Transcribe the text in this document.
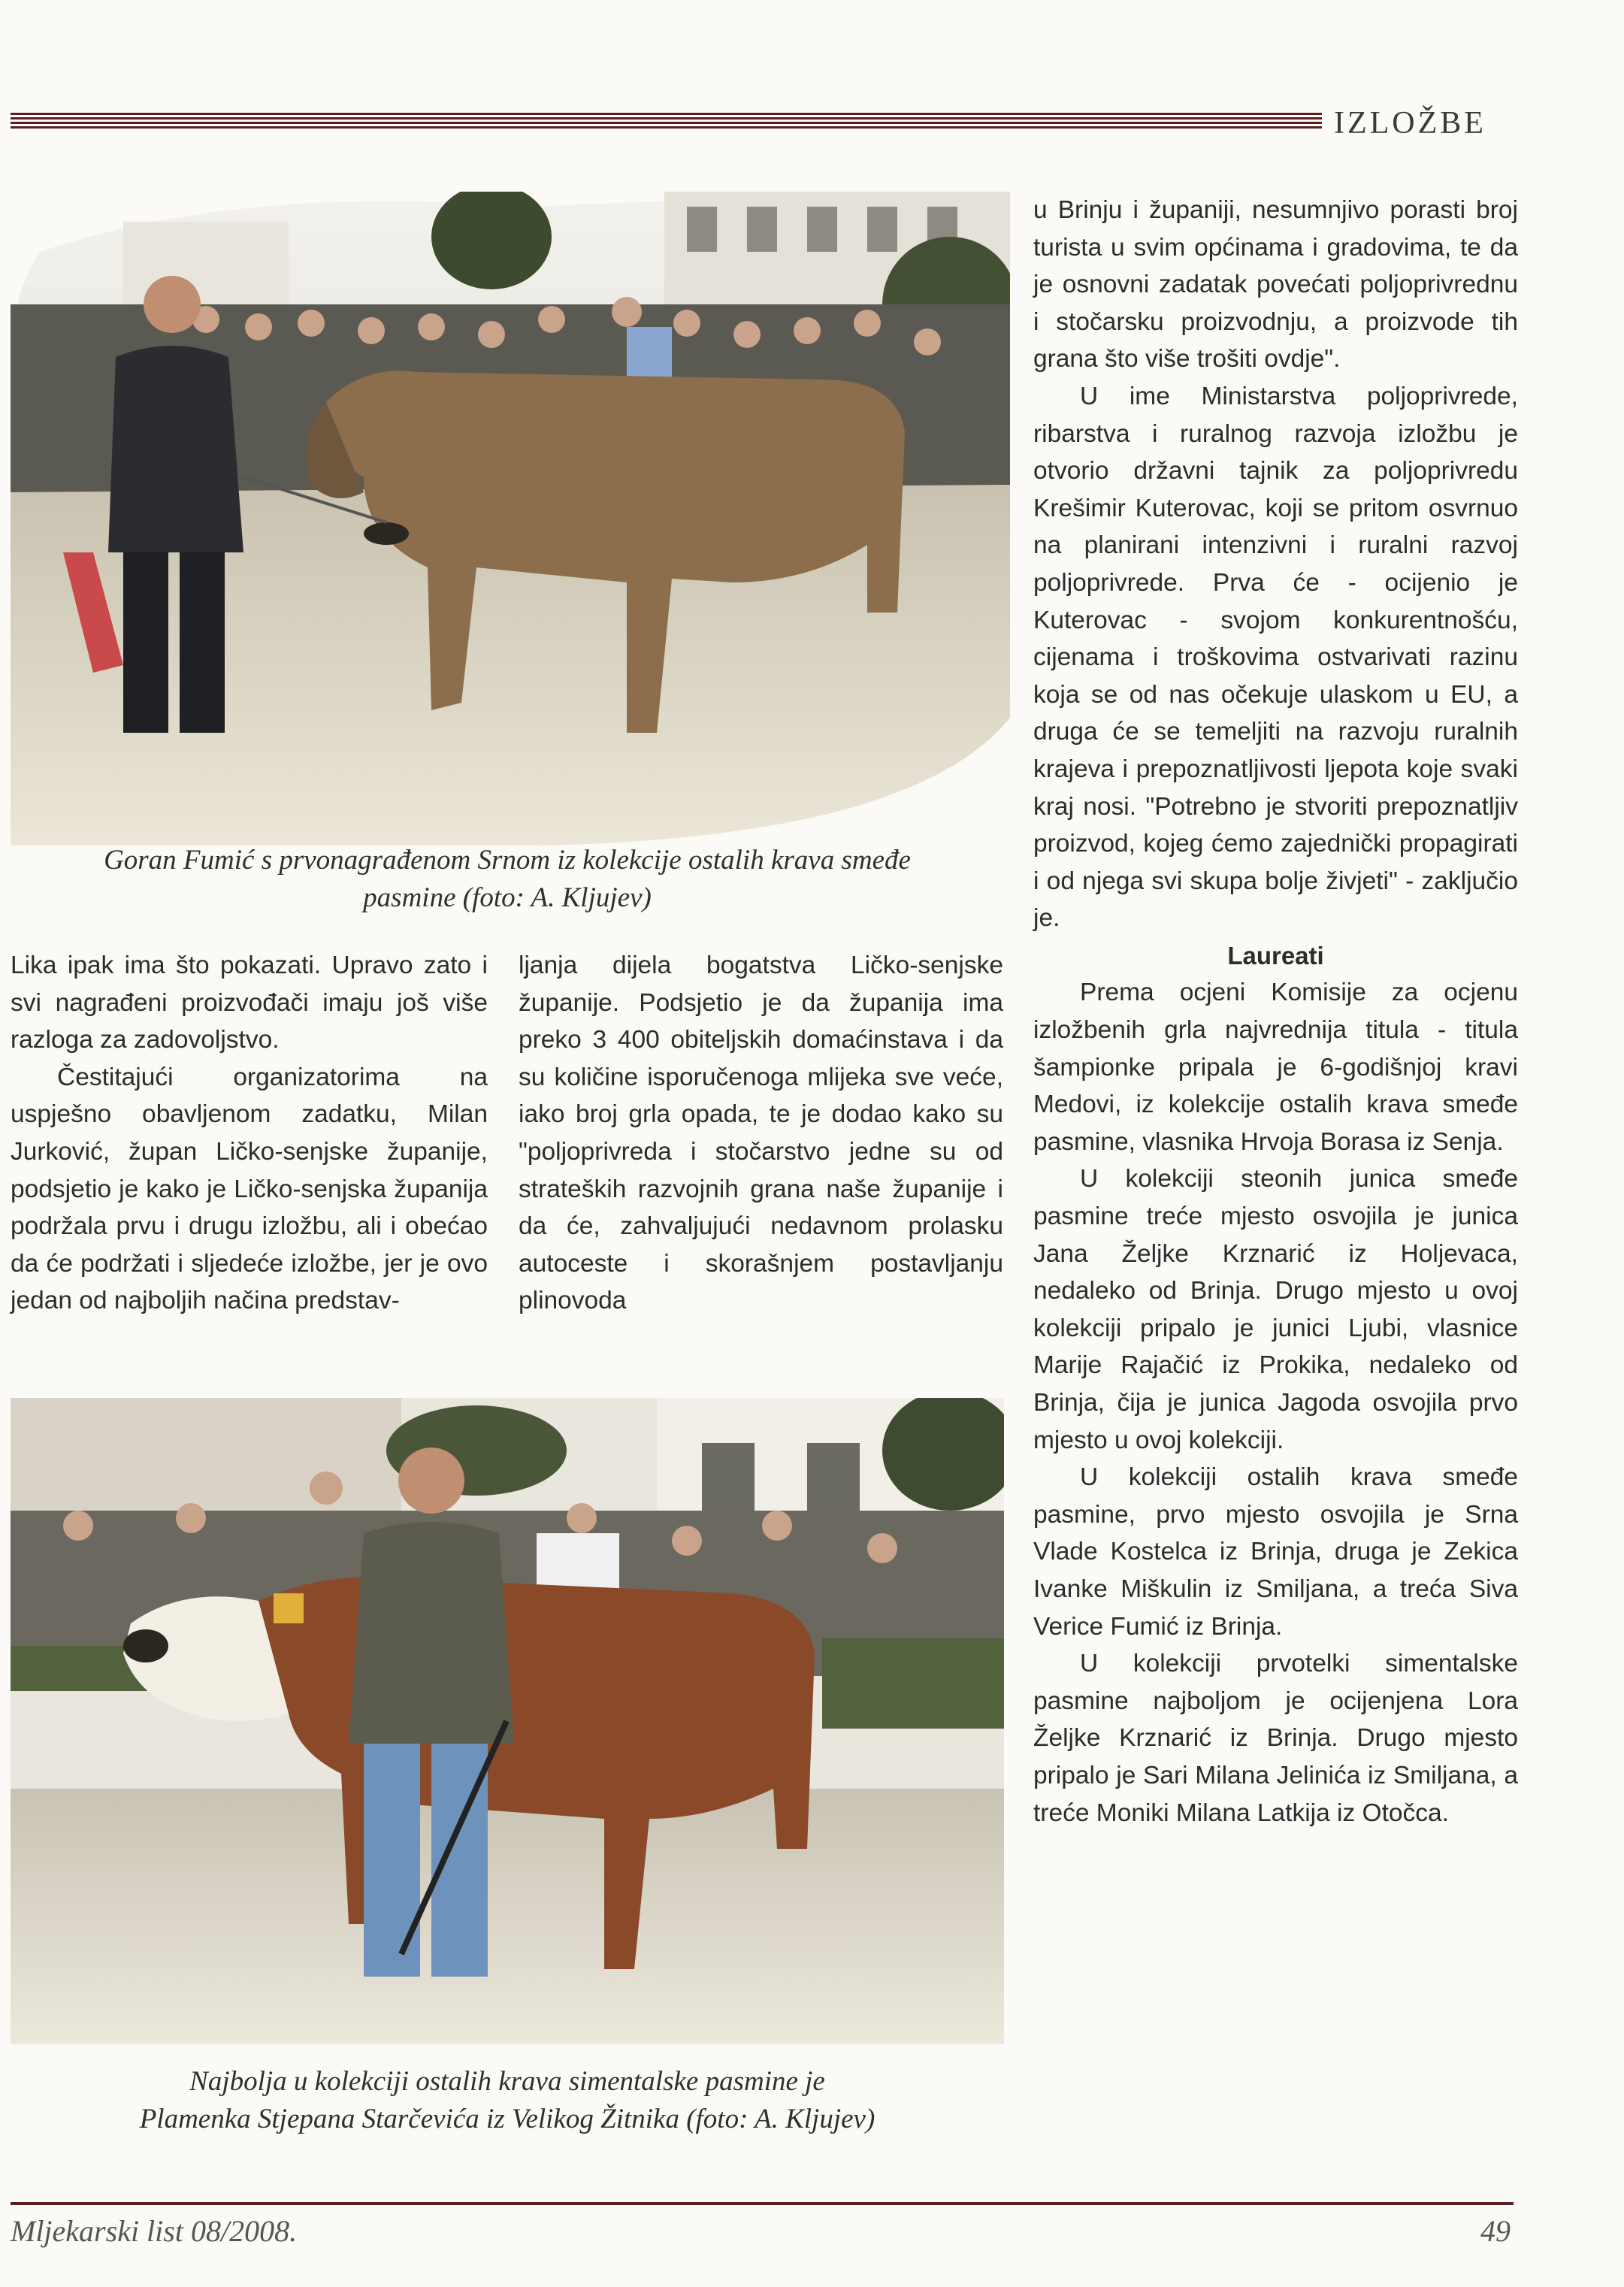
IZLOŽBE
Goran Fumić s prvonagrađenom Srnom iz kolekcije ostalih krava smeđe
pasmine (foto: A. Kljujev)

Lika ipak ima što pokazati. Upravo zato i svi nagrađeni proizvođači imaju još više razloga za zadovoljstvo.

Čestitajući organizatorima na uspješno obavljenom zadatku, Milan Jurković, župan Ličko-senjske županije, podsjetio je kako je Ličko-senjska županija podržala prvu i drugu izložbu, ali i obećao da će podržati i sljedeće izložbe, jer je ovo jedan od najboljih načina predstav-

ljanja dijela bogatstva Ličko-senjske županije. Podsjetio je da županija ima preko 3 400 obiteljskih domaćinstava i da su količine isporučenoga mlijeka sve veće, iako broj grla opada, te je dodao kako su "poljoprivreda i stočarstvo jedne su od strateških razvojnih grana naše županije i da će, zahvaljujući nedavnom prolasku autoceste i skorašnjem postavljanju plinovoda

u Brinju i županiji, nesumnjivo porasti broj turista u svim općinama i gradovima, te da je osnovni zadatak povećati poljoprivrednu i stočarsku proizvodnju, a proizvode tih grana što više trošiti ovdje".

U ime Ministarstva poljoprivrede, ribarstva i ruralnog razvoja izložbu je otvorio državni tajnik za poljoprivredu Krešimir Kuterovac, koji se pritom osvrnuo na planirani intenzivni i ruralni razvoj poljoprivrede. Prva će - ocijenio je Kuterovac - svojom konkurentnošću, cijenama i troškovima ostvarivati razinu koja se od nas očekuje ulaskom u EU, a druga će se temeljiti na razvoju ruralnih krajeva i prepoznatljivosti ljepota koje svaki kraj nosi. "Potrebno je stvoriti prepoznatljiv proizvod, kojeg ćemo zajednički propagirati i od njega svi skupa bolje živjeti" - zaključio je.

Laureati

Prema ocjeni Komisije za ocjenu izložbenih grla najvrednija titula - titula šampionke pripala je 6-godišnjoj kravi Medovi, iz kolekcije ostalih krava smeđe pasmine, vlasnika Hrvoja Borasa iz Senja.

U kolekciji steonih junica smeđe pasmine treće mjesto osvojila je junica Jana Željke Krznarić iz Holjevaca, nedaleko od Brinja. Drugo mjesto u ovoj kolekciji pripalo je junici Ljubi, vlasnice Marije Rajačić iz Prokika, nedaleko od Brinja, čija je junica Jagoda osvojila prvo mjesto u ovoj kolekciji.

U kolekciji ostalih krava smeđe pasmine, prvo mjesto osvojila je Srna Vlade Kostelca iz Brinja, druga je Zekica Ivanke Miškulin iz Smiljana, a treća Siva Verice Fumić iz Brinja.

U kolekciji prvotelki simentalske pasmine najboljom je ocijenjena Lora Željke Krznarić iz Brinja. Drugo mjesto pripalo je Sari Milana Jelinića iz Smiljana, a treće Moniki Milana Latkija iz Otočca.

Najbolja u kolekciji ostalih krava simentalske pasmine je
Plamenka Stjepana Starčevića iz Velikog Žitnika (foto: A. Kljujev)
Mljekarski list 08/2008.	49
